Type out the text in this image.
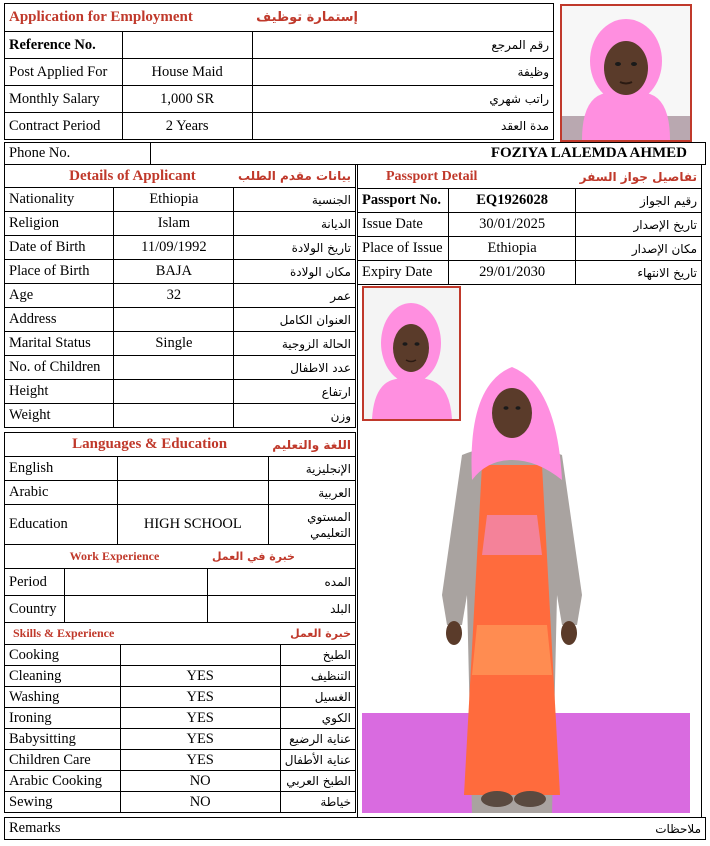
Application for Employment		إستمارة توظيف
Reference No.		رقم المرجع
Post Applied For	House Maid	وظيفة
Monthly Salary	1,000 SR	راتب شهري
Contract Period	2 Years	مدة العقد
Phone No.	FOZIYA LALEMDA AHMED
Details of Applicant		بيانات مقدم الطلب
Nationality	Ethiopia	الجنسية
Religion	Islam	الديانة
Date of Birth	11/09/1992	تاريخ الولادة
Place of Birth	BAJA	مكان الولادة
Age	32	عمر
Address		العنوان الكامل
Marital Status	Single	الحالة الزوجية
No. of Children		عدد الاطفال
Height		ارتفاع
Weight		وزن
Languages & Education		اللغة والتعليم
English		الإنجليزية
Arabic		العربية
Education	HIGH SCHOOL	المستوي التعليمي
Work Experience		خبرة في العمل
Period		المده
Country		البلد
Skills & Experience		خبرة العمل
Cooking		الطبخ
Cleaning	YES	التنظيف
Washing	YES	الغسيل
Ironing	YES	الكوي
Babysitting	YES	عناية الرضيع
Children Care	YES	عناية الأطفال
Arabic Cooking	NO	الطبخ العربي
Sewing	NO	خياطة
Passport Detail		تفاصيل جواز السفر
Passport No.	EQ1926028	رقيم الجواز
Issue Date	30/01/2025	تاريخ الإصدار
Place of Issue	Ethiopia	مكان الإصدار
Expiry Date	29/01/2030	تاريخ الانتهاء
Remarks	ملاحظات
